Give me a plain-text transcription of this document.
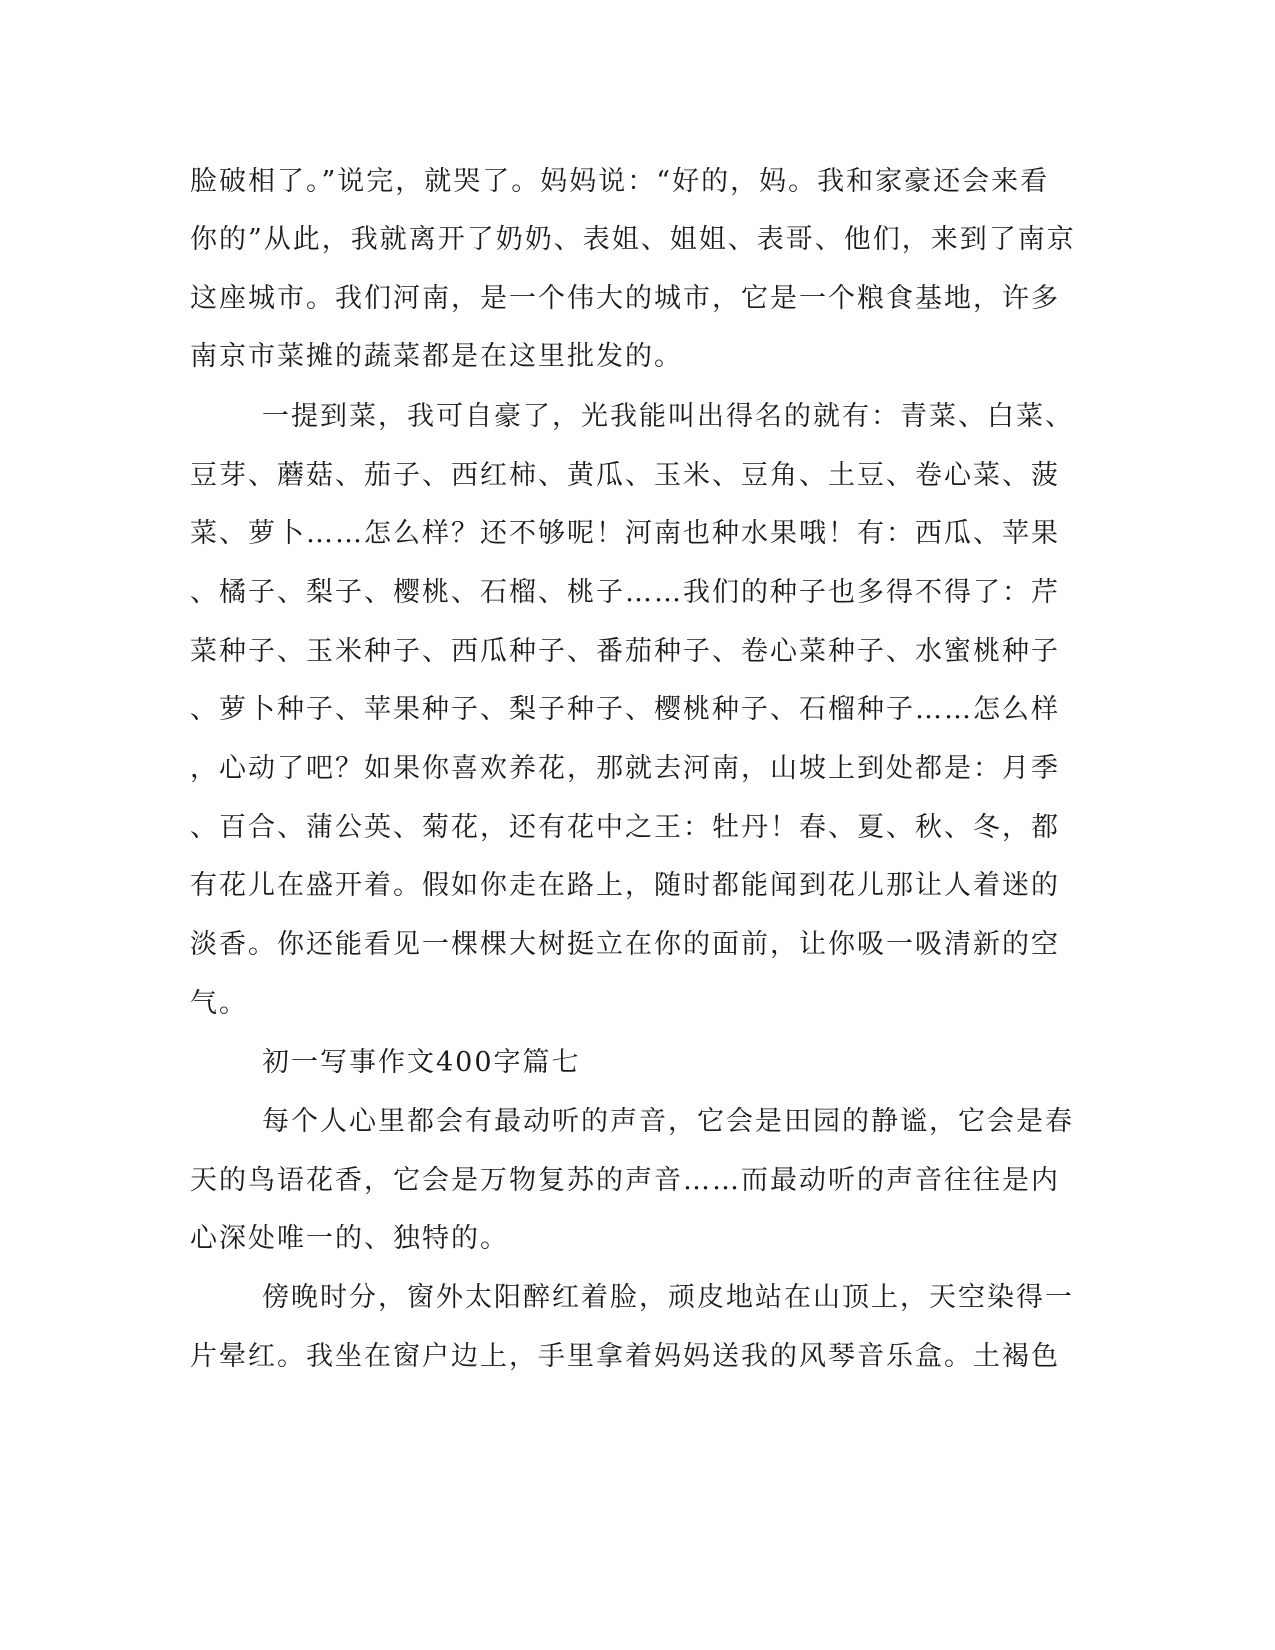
脸破相了。”说完，就哭了。妈妈说：“好的，妈。我和家豪还会来看
你的”从此，我就离开了奶奶、表姐、姐姐、表哥、他们，来到了南京
这座城市。我们河南，是一个伟大的城市，它是一个粮食基地，许多
南京市菜摊的蔬菜都是在这里批发的。
一提到菜，我可自豪了，光我能叫出得名的就有：青菜、白菜、
豆芽、蘑菇、茄子、西红柿、黄瓜、玉米、豆角、土豆、卷心菜、菠
菜、萝卜……怎么样？还不够呢！河南也种水果哦！有：西瓜、苹果
、橘子、梨子、樱桃、石榴、桃子……我们的种子也多得不得了：芹
菜种子、玉米种子、西瓜种子、番茄种子、卷心菜种子、水蜜桃种子
、萝卜种子、苹果种子、梨子种子、樱桃种子、石榴种子……怎么样
，心动了吧？如果你喜欢养花，那就去河南，山坡上到处都是：月季
、百合、蒲公英、菊花，还有花中之王：牡丹！春、夏、秋、冬，都
有花儿在盛开着。假如你走在路上，随时都能闻到花儿那让人着迷的
淡香。你还能看见一棵棵大树挺立在你的面前，让你吸一吸清新的空
气。
初一写事作文400字篇七
每个人心里都会有最动听的声音，它会是田园的静谧，它会是春
天的鸟语花香，它会是万物复苏的声音……而最动听的声音往往是内
心深处唯一的、独特的。
傍晚时分，窗外太阳醉红着脸，顽皮地站在山顶上，天空染得一
片晕红。我坐在窗户边上，手里拿着妈妈送我的风琴音乐盒。土褐色
